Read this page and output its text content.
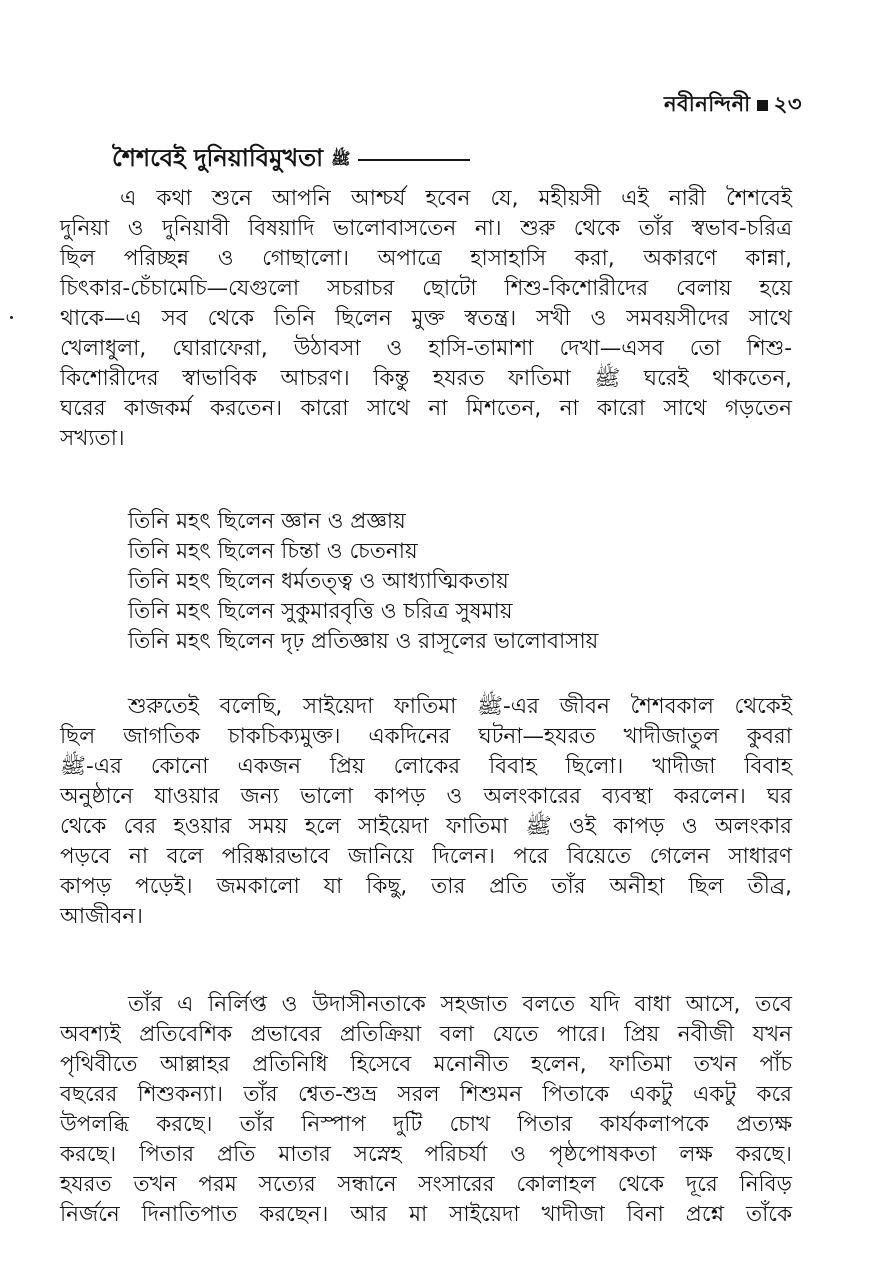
নবীনন্দিনী ২৩
শৈশবেই দুনিয়াবিমুখতা ﷺ
এ কথা শুনে আপনি আশ্চর্য হবেন যে, মহীয়সী এই নারী শৈশবেই
দুনিয়া ও দুনিয়াবী বিষয়াদি ভালোবাসতেন না। শুরু থেকে তাঁর স্বভাব-চরিত্র
ছিল পরিচ্ছন্ন ও গোছালো। অপাত্রে হাসাহাসি করা, অকারণে কান্না,
চিৎকার-চেঁচামেচি—যেগুলো সচরাচর ছোটো শিশু-কিশোরীদের বেলায় হয়ে
থাকে—এ সব থেকে তিনি ছিলেন মুক্ত স্বতন্ত্র। সখী ও সমবয়সীদের সাথে
খেলাধুলা, ঘোরাফেরা, উঠাবসা ও হাসি-তামাশা দেখা—এসব তো শিশু-
কিশোরীদের স্বাভাবিক আচরণ। কিন্তু হযরত ফাতিমা ﷺ ঘরেই থাকতেন,
ঘরের কাজকর্ম করতেন। কারো সাথে না মিশতেন, না কারো সাথে গড়তেন
সখ্যতা।
তিনি মহৎ ছিলেন জ্ঞান ও প্রজ্ঞায়
তিনি মহৎ ছিলেন চিন্তা ও চেতনায়
তিনি মহৎ ছিলেন ধর্মতত্ত্ব ও আধ্যাত্মিকতায়
তিনি মহৎ ছিলেন সুকুমারবৃত্তি ও চরিত্র সুষমায়
তিনি মহৎ ছিলেন দৃঢ় প্রতিজ্ঞায় ও রাসূলের ভালোবাসায়
শুরুতেই বলেছি, সাইয়েদা ফাতিমা ﷺ-এর জীবন শৈশবকাল থেকেই
ছিল জাগতিক চাকচিক্যমুক্ত। একদিনের ঘটনা—হযরত খাদীজাতুল কুবরা
ﷺ-এর কোনো একজন প্রিয় লোকের বিবাহ ছিলো। খাদীজা বিবাহ
অনুষ্ঠানে যাওয়ার জন্য ভালো কাপড় ও অলংকারের ব্যবস্থা করলেন। ঘর
থেকে বের হওয়ার সময় হলে সাইয়েদা ফাতিমা ﷺ ওই কাপড় ও অলংকার
পড়বে না বলে পরিষ্কারভাবে জানিয়ে দিলেন। পরে বিয়েতে গেলেন সাধারণ
কাপড় পড়েই। জমকালো যা কিছু, তার প্রতি তাঁর অনীহা ছিল তীব্র,
আজীবন।
তাঁর এ নির্লিপ্ত ও উদাসীনতাকে সহজাত বলতে যদি বাধা আসে, তবে
অবশ্যই প্রতিবেশিক প্রভাবের প্রতিক্রিয়া বলা যেতে পারে। প্রিয় নবীজী যখন
পৃথিবীতে আল্লাহর প্রতিনিধি হিসেবে মনোনীত হলেন, ফাতিমা তখন পাঁচ
বছরের শিশুকন্যা। তাঁর শ্বেত-শুভ্র সরল শিশুমন পিতাকে একটু একটু করে
উপলব্ধি করছে। তাঁর নিস্পাপ দুটি চোখ পিতার কার্যকলাপকে প্রত্যক্ষ
করছে। পিতার প্রতি মাতার সস্নেহ পরিচর্যা ও পৃষ্ঠপোষকতা লক্ষ করছে।
হযরত তখন পরম সত্যের সন্ধানে সংসারের কোলাহল থেকে দূরে নিবিড়
নির্জনে দিনাতিপাত করছেন। আর মা সাইয়েদা খাদীজা বিনা প্রশ্নে তাঁকে
